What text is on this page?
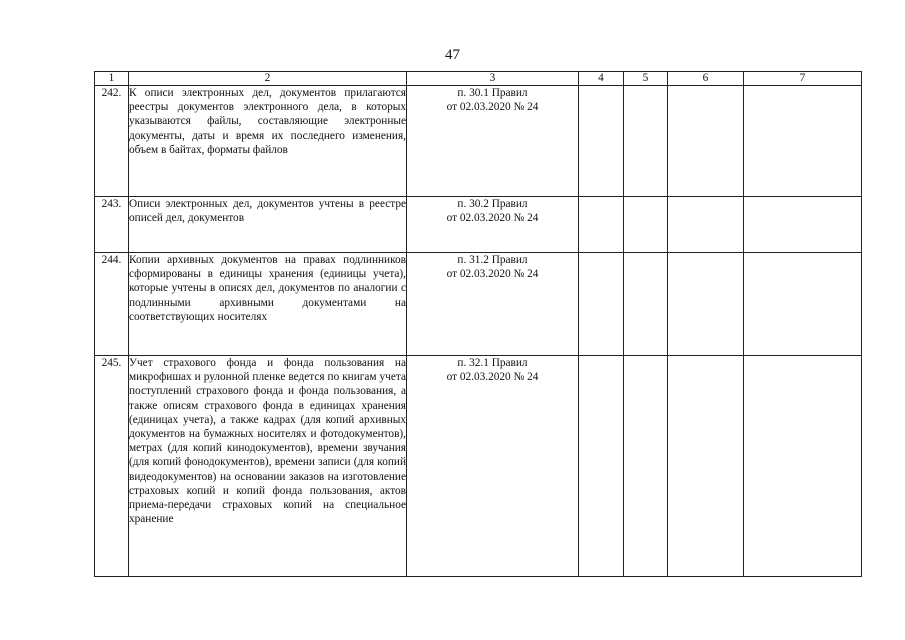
47
1	2	3	4	5	6	7
242.	К описи электронных дел, документов прилагаются реестры документов электронного дела, в которых указываются файлы, составляющие электронные документы, даты и время их последнего изменения, объем в байтах, форматы файлов	п. 30.1 Правил
от 02.03.2020 № 24				

243.	Описи электронных дел, документов учтены в реестре описей дел, документов	п. 30.2 Правил
от 02.03.2020 № 24				

244.	Копии архивных документов на правах подлинников сформированы в единицы хранения (единицы учета), которые учтены в описях дел, документов по аналогии с подлинными архивными документами на соответствующих носителях	п. 31.2 Правил
от 02.03.2020 № 24				

245.	Учет страхового фонда и фонда пользования на микрофишах и рулонной пленке ведется по книгам учета поступлений страхового фонда и фонда пользования, а также описям страхового фонда в единицах хранения (единицах учета), а также кадрах (для копий архивных документов на бумажных носителях и фотодокументов), метрах (для копий кинодокументов), времени звучания (для копий фонодокументов), времени записи (для копий видеодокументов) на основании заказов на изготовление страховых копий и копий фонда пользования, актов приема-передачи страховых копий на специальное хранение	п. 32.1 Правил
от 02.03.2020 № 24				
